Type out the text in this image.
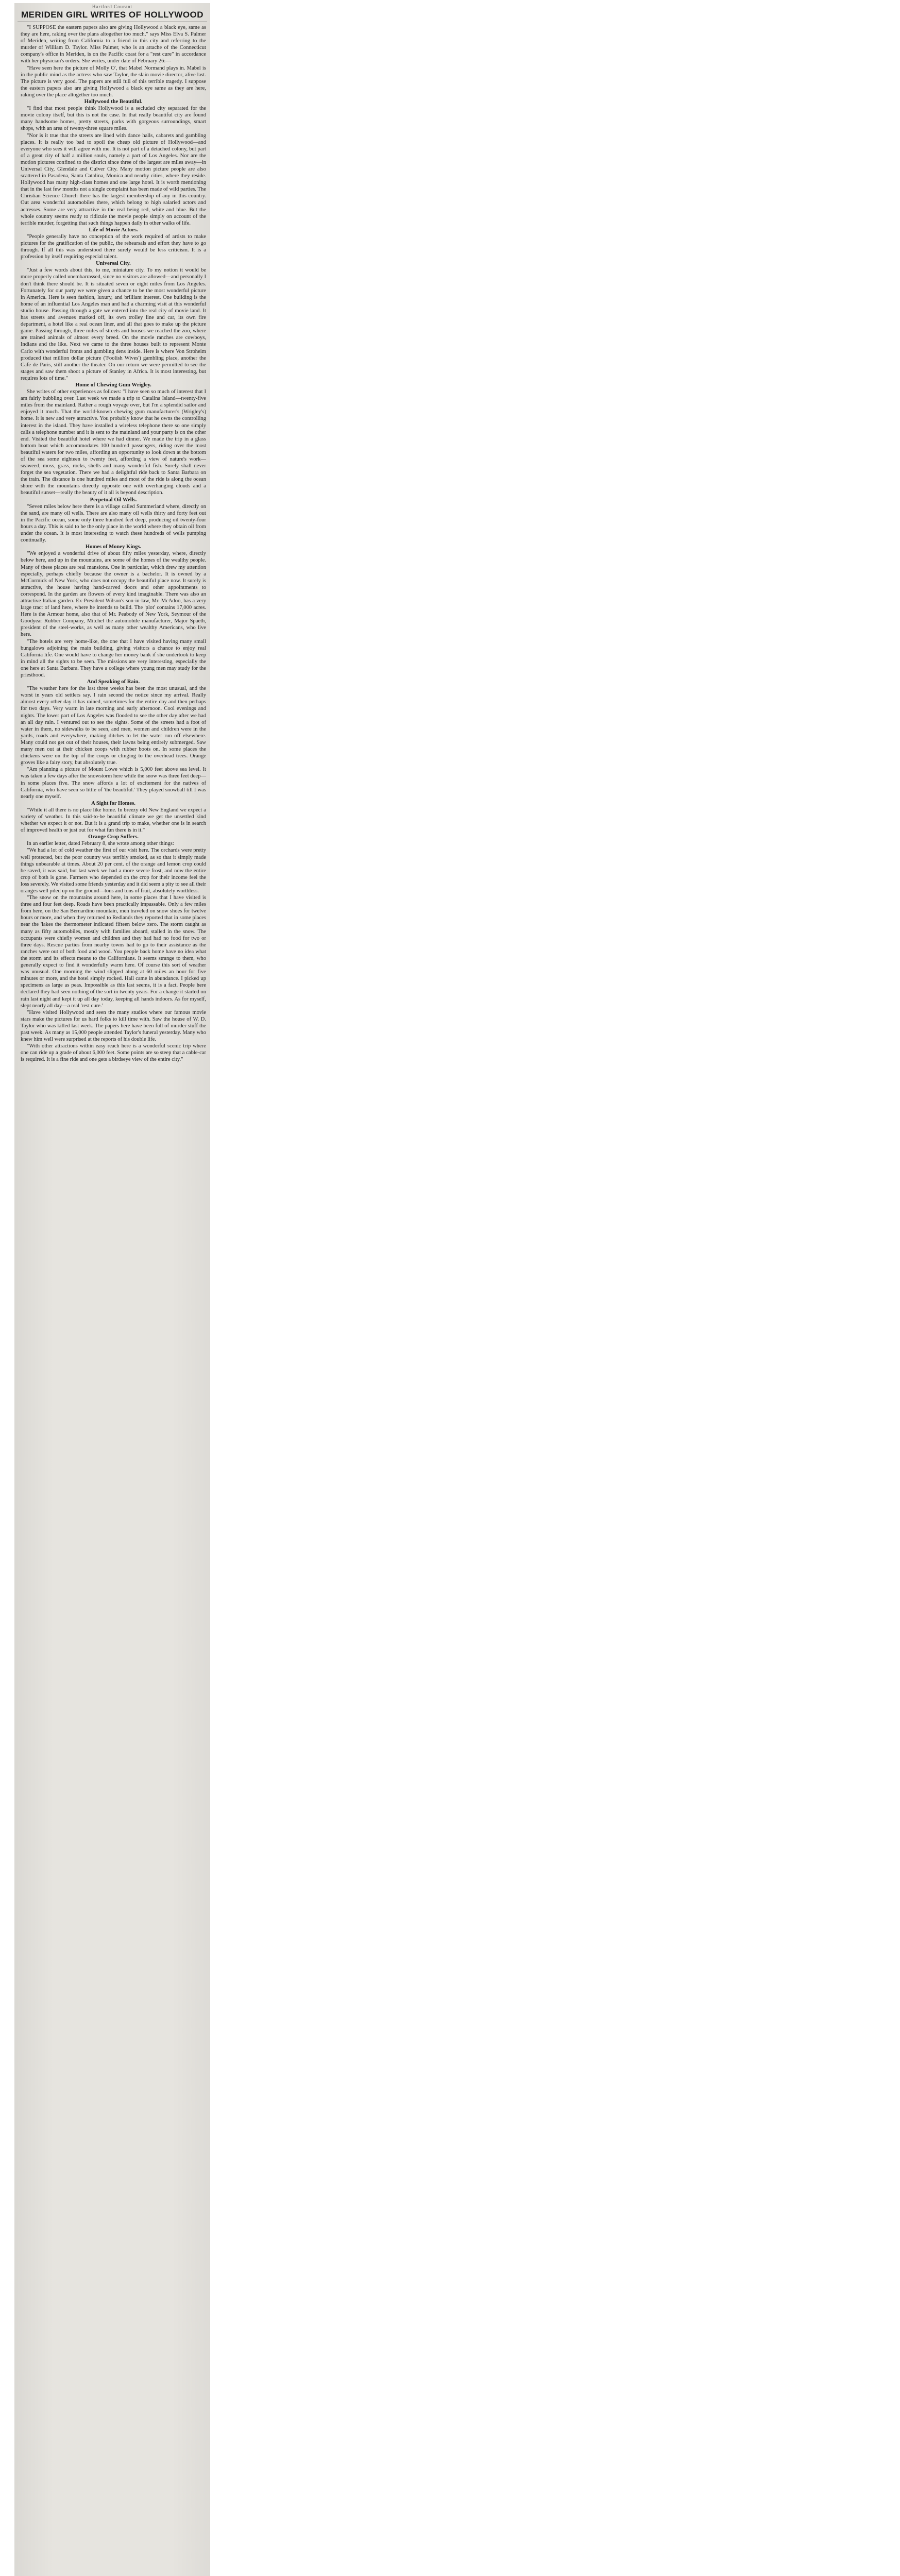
Hartford Courant
MERIDEN GIRL WRITES OF HOLLYWOOD

"I SUPPOSE the eastern papers also are giving Hollywood a black eye, same as they are here, raking over the plans altogether too much," says Miss Elva S. Palmer of Meriden, writing from California to a friend in this city and referring to the murder of William D. Taylor. Miss Palmer, who is an attache of the Connecticut company's office in Meriden, is on the Pacific coast for a "rest cure" in accordance with her physician's orders. She writes, under date of February 26:—

"Have seen here the picture of Molly O', that Mabel Normand plays in. Mabel is in the public mind as the actress who saw Taylor, the slain movie director, alive last. The picture is very good. The papers are still full of this terrible tragedy. I suppose the eastern papers also are giving Hollywood a black eye same as they are here, raking over the place altogether too much.

Hollywood the Beautiful.

"I find that most people think Hollywood is a secluded city separated for the movie colony itself, but this is not the case. In that really beautiful city are found many handsome homes, pretty streets, parks with gorgeous surroundings, smart shops, with an area of twenty-three square miles.

"Nor is it true that the streets are lined with dance halls, cabarets and gambling places. It is really too bad to spoil the cheap old picture of Hollywood—and everyone who sees it will agree with me. It is not part of a detached colony, but part of a great city of half a million souls, namely a part of Los Angeles. Nor are the motion pictures confined to the district since three of the largest are miles away—in Universal City, Glendale and Culver City. Many motion picture people are also scattered in Pasadena, Santa Catalina, Monica and nearby cities, where they reside. Hollywood has many high-class homes and one large hotel. It is worth mentioning that in the last few months not a single complaint has been made of wild parties. The Christian Science Church there has the largest membership of any in this country. Out area wonderful automobiles there, which belong to high salaried actors and actresses. Some are very attractive in the real being red, white and blue. But the whole country seems ready to ridicule the movie people simply on account of the terrible murder, forgetting that such things happen daily in other walks of life.

Life of Movie Actors.

"People generally have no conception of the work required of artists to make pictures for the gratification of the public, the rehearsals and effort they have to go through. If all this was understood there surely would be less criticism. It is a profession by itself requiring especial talent.

Universal City.

"Just a few words about this, to me, miniature city. To my notion it would be more properly called unembarrassed, since no visitors are allowed—and personally I don't think there should be. It is situated seven or eight miles from Los Angeles. Fortunately for our party we were given a chance to be the most wonderful picture in America. Here is seen fashion, luxury, and brilliant interest. One building is the home of an influential Los Angeles man and had a charming visit at this wonderful studio house. Passing through a gate we entered into the real city of movie land. It has streets and avenues marked off, its own trolley line and car, its own fire department, a hotel like a real ocean liner, and all that goes to make up the picture game. Passing through, three miles of streets and houses we reached the zoo, where are trained animals of almost every breed. On the movie ranches are cowboys, Indians and the like. Next we came to the three houses built to represent Monte Carlo with wonderful fronts and gambling dens inside. Here is where Von Stroheim produced that million dollar picture ('Foolish Wives') gambling place, another the Cafe de Paris, still another the theater. On our return we were permitted to see the stages and saw them shoot a picture of Stanley in Africa. It is most interesting, but requires lots of time."

Home of Chewing Gum Wrigley.

She writes of other experiences as follows: "I have seen so much of interest that I am fairly bubbling over. Last week we made a trip to Catalina Island—twenty-five miles from the mainland. Rather a rough voyage over, but I'm a splendid sailor and enjoyed it much. That the world-known chewing gum manufacturer's (Wrigley's) home. It is new and very attractive. You probably know that he owns the controlling interest in the island. They have installed a wireless telephone there so one simply calls a telephone number and it is sent to the mainland and your party is on the other end. Visited the beautiful hotel where we had dinner. We made the trip in a glass bottom boat which accommodates 100 hundred passengers, riding over the most beautiful waters for two miles, affording an opportunity to look down at the bottom of the sea some eighteen to twenty feet, affording a view of nature's work—seaweed, moss, grass, rocks, shells and many wonderful fish. Surely shall never forget the sea vegetation. There we had a delightful ride back to Santa Barbara on the train. The distance is one hundred miles and most of the ride is along the ocean shore with the mountains directly opposite one with overhanging clouds and a beautiful sunset—really the beauty of it all is beyond description.

Perpetual Oil Wells.

"Seven miles below here there is a village called Summerland where, directly on the sand, are many oil wells. There are also many oil wells thirty and forty feet out in the Pacific ocean, some only three hundred feet deep, producing oil twenty-four hours a day. This is said to be the only place in the world where they obtain oil from under the ocean. It is most interesting to watch these hundreds of wells pumping continually.

Homes of Money Kings.

"We enjoyed a wonderful drive of about fifty miles yesterday, where, directly below here, and up in the mountains, are some of the homes of the wealthy people. Many of these places are real mansions. One in particular, which drew my attention especially, perhaps chiefly because the owner is a bachelor. It is owned by a McCormick of New York, who does not occupy the beautiful place now. It surely is attractive, the house having hand-carved doors and other appointments to correspond. In the garden are flowers of every kind imaginable. There was also an attractive Italian garden. Ex-President Wilson's son-in-law, Mr. McAdoo, has a very large tract of land here, where he intends to build. The 'plot' contains 17,000 acres. Here is the Armour home, also that of Mr. Peabody of New York, Seymour of the Goodyear Rubber Company, Mitchel the automobile manufacturer, Major Spaeth, president of the steel-works, as well as many other wealthy Americans, who live here.

"The hotels are very home-like, the one that I have visited having many small bungalows adjoining the main building, giving visitors a chance to enjoy real California life. One would have to change her money bank if she undertook to keep in mind all the sights to be seen. The missions are very interesting, especially the one here at Santa Barbara. They have a college where young men may study for the priesthood.

And Speaking of Rain.

"The weather here for the last three weeks has been the most unusual, and the worst in years old settlers say. I rain second the notice since my arrival. Really almost every other day it has rained, sometimes for the entire day and then perhaps for two days. Very warm in late morning and early afternoon. Cool evenings and nights. The lower part of Los Angeles was flooded to see the other day after we had an all day rain. I ventured out to see the sights. Some of the streets had a foot of water in them, no sidewalks to be seen, and men, women and children were in the yards, roads and everywhere, making ditches to let the water run off elsewhere. Many could not get out of their houses, their lawns being entirely submerged. Saw many men out at their chicken coops with rubber boots on. In some places the chickens were on the top of the coops or clinging to the overhead trees. Orange groves like a fairy story, but absolutely true.

"Am planning a picture of Mount Lowe which is 5,000 feet above sea level. It was taken a few days after the snowstorm here while the snow was three feet deep—in some places five. The snow affords a lot of excitement for the natives of California, who have seen so little of 'the beautiful.' They played snowball till I was nearly one myself.

A Sight for Homes.

"While it all there is no place like home. In breezy old New England we expect a variety of weather. In this said-to-be beautiful climate we get the unsettled kind whether we expect it or not. But it is a grand trip to make, whether one is in search of improved health or just out for what fun there is in it."

Orange Crop Suffers.

In an earlier letter, dated February 8, she wrote among other things:

"We had a lot of cold weather the first of our visit here. The orchards were pretty well protected, but the poor country was terribly smoked, as so that it simply made things unbearable at times. About 20 per cent. of the orange and lemon crop could be saved, it was said, but last week we had a more severe frost, and now the entire crop of both is gone. Farmers who depended on the crop for their income feel the loss severely. We visited some friends yesterday and it did seem a pity to see all their oranges well piled up on the ground—tons and tons of fruit, absolutely worthless.

"The snow on the mountains around here, in some places that I have visited is three and four feet deep. Roads have been practically impassable. Only a few miles from here, on the San Bernardino mountain, men traveled on snow shoes for twelve hours or more, and when they returned to Redlands they reported that in some places near the 'lakes the thermometer indicated fifteen below zero. The storm caught as many as fifty automobiles, mostly with families aboard, stalled in the snow. The occupants were chiefly women and children and they had had no food for two or three days. Rescue parties from nearby towns had to go to their assistance as the ranches were out of both food and wood. You people back home have no idea what the storm and its effects means to the Californians. It seems strange to them, who generally expect to find it wonderfully warm here. Of course this sort of weather was unusual. One morning the wind slipped along at 60 miles an hour for five minutes or more, and the hotel simply rocked. Hail came in abundance. I picked up specimens as large as peas. Impossible as this last seems, it is a fact. People here declared they had seen nothing of the sort in twenty years. For a change it started on rain last night and kept it up all day today, keeping all hands indoors. As for myself, slept nearly all day—a real 'rest cure.'

"Have visited Hollywood and seen the many studios where our famous movie stars make the pictures for us hard folks to kill time with. Saw the house of W. D. Taylor who was killed last week. The papers here have been full of murder stuff the past week. As many as 15,000 people attended Taylor's funeral yesterday. Many who knew him well were surprised at the reports of his double life.

"With other attractions within easy reach here is a wonderful scenic trip where one can ride up a grade of about 6,000 feet. Some points are so steep that a cable-car is required. It is a fine ride and one gets a birdseye view of the entire city."
